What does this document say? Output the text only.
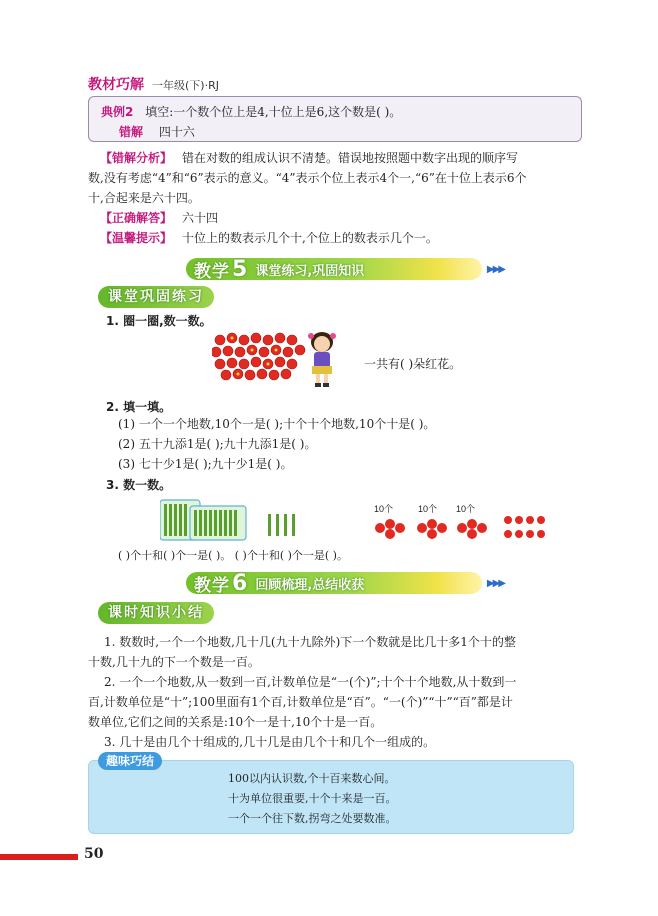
教材巧解 一年级(下)·RJ
典例2 填空:一个数个位上是4,十位上是6,这个数是( )。
错解 四十六
【错解分析】 错在对数的组成认识不清楚。错误地按照题中数字出现的顺序写
数,没有考虑“4”和“6”表示的意义。“4”表示个位上表示4个一,“6”在十位上表示6个
十,合起来是六十四。
【正确解答】 六十四
【温馨提示】 十位上的数表示几个十,个位上的数表示几个一。
教学 5 课堂练习,巩固知识	▶▶▶
课堂巩固练习
1. 圈一圈,数一数。
一共有( )朵红花。
2. 填一填。
(1) 一个一个地数,10个一是( );十个十个地数,10个十是( )。
(2) 五十九添1是( );九十九添1是( )。
(3) 七十少1是( );九十少1是( )。
3. 数一数。
10个	10个 10个
( )个十和( )个一是( )。 ( )个十和( )个一是( )。
教学 6 回顾梳理,总结收获	▶▶▶
课时知识小结
1. 数数时,一个一个地数,几十几(九十九除外)下一个数就是比几十多1个十的整
十数,几十九的下一个数是一百。
2. 一个一个地数,从一数到一百,计数单位是“一(个)”;十个十个地数,从十数到一
百,计数单位是“十”;100里面有1个百,计数单位是“百”。“一(个)”“十”“百”都是计
数单位,它们之间的关系是:10个一是十,10个十是一百。
3. 几十是由几个十组成的,几十几是由几个十和几个一组成的。
趣味巧结
100以内认识数,个十百来数心间。
十为单位很重要,十个十来是一百。
一个一个往下数,拐弯之处要数准。
50
